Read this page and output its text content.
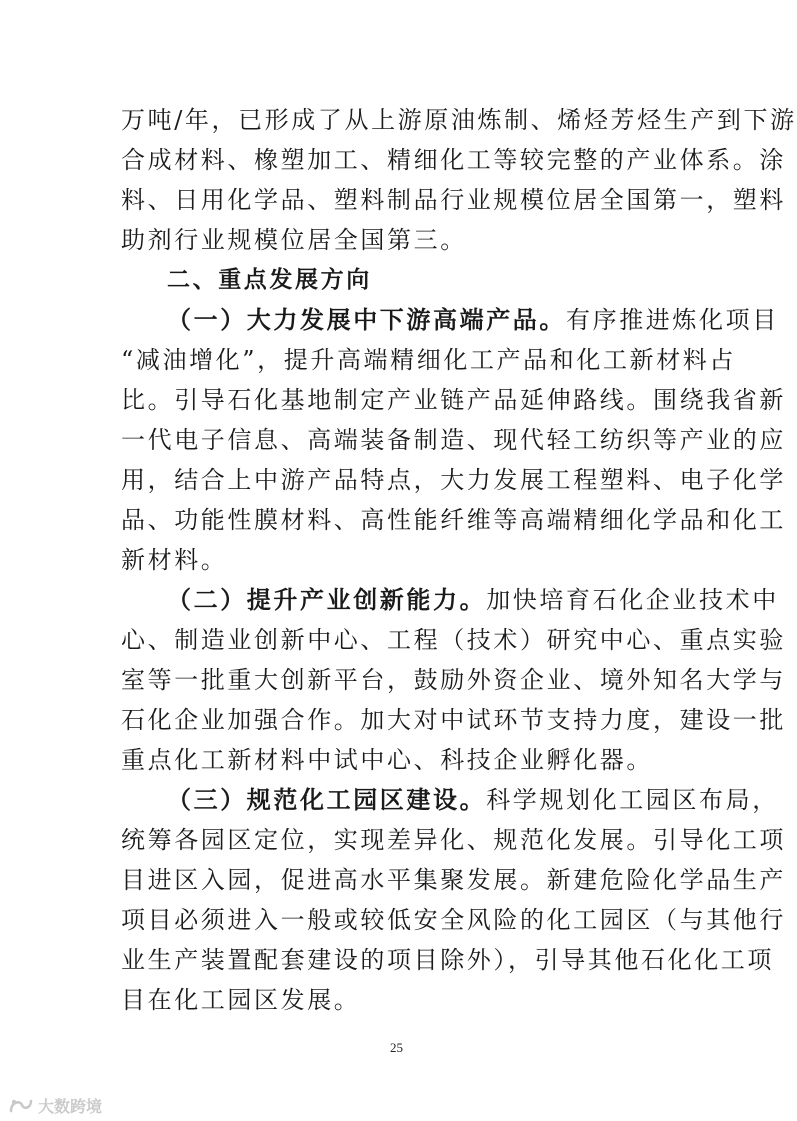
万吨/年，已形成了从上游原油炼制、烯烃芳烃生产到下游
合成材料、橡塑加工、精细化工等较完整的产业体系。涂
料、日用化学品、塑料制品行业规模位居全国第一，塑料
助剂行业规模位居全国第三。
二、重点发展方向
（一）大力发展中下游高端产品。有序推进炼化项目
“减油增化”，提升高端精细化工产品和化工新材料占
比。引导石化基地制定产业链产品延伸路线。围绕我省新
一代电子信息、高端装备制造、现代轻工纺织等产业的应
用，结合上中游产品特点，大力发展工程塑料、电子化学
品、功能性膜材料、高性能纤维等高端精细化学品和化工
新材料。
（二）提升产业创新能力。加快培育石化企业技术中
心、制造业创新中心、工程（技术）研究中心、重点实验
室等一批重大创新平台，鼓励外资企业、境外知名大学与
石化企业加强合作。加大对中试环节支持力度，建设一批
重点化工新材料中试中心、科技企业孵化器。
（三）规范化工园区建设。科学规划化工园区布局，
统筹各园区定位，实现差异化、规范化发展。引导化工项
目进区入园，促进高水平集聚发展。新建危险化学品生产
项目必须进入一般或较低安全风险的化工园区（与其他行
业生产装置配套建设的项目除外），引导其他石化化工项
目在化工园区发展。
25
大数跨境
